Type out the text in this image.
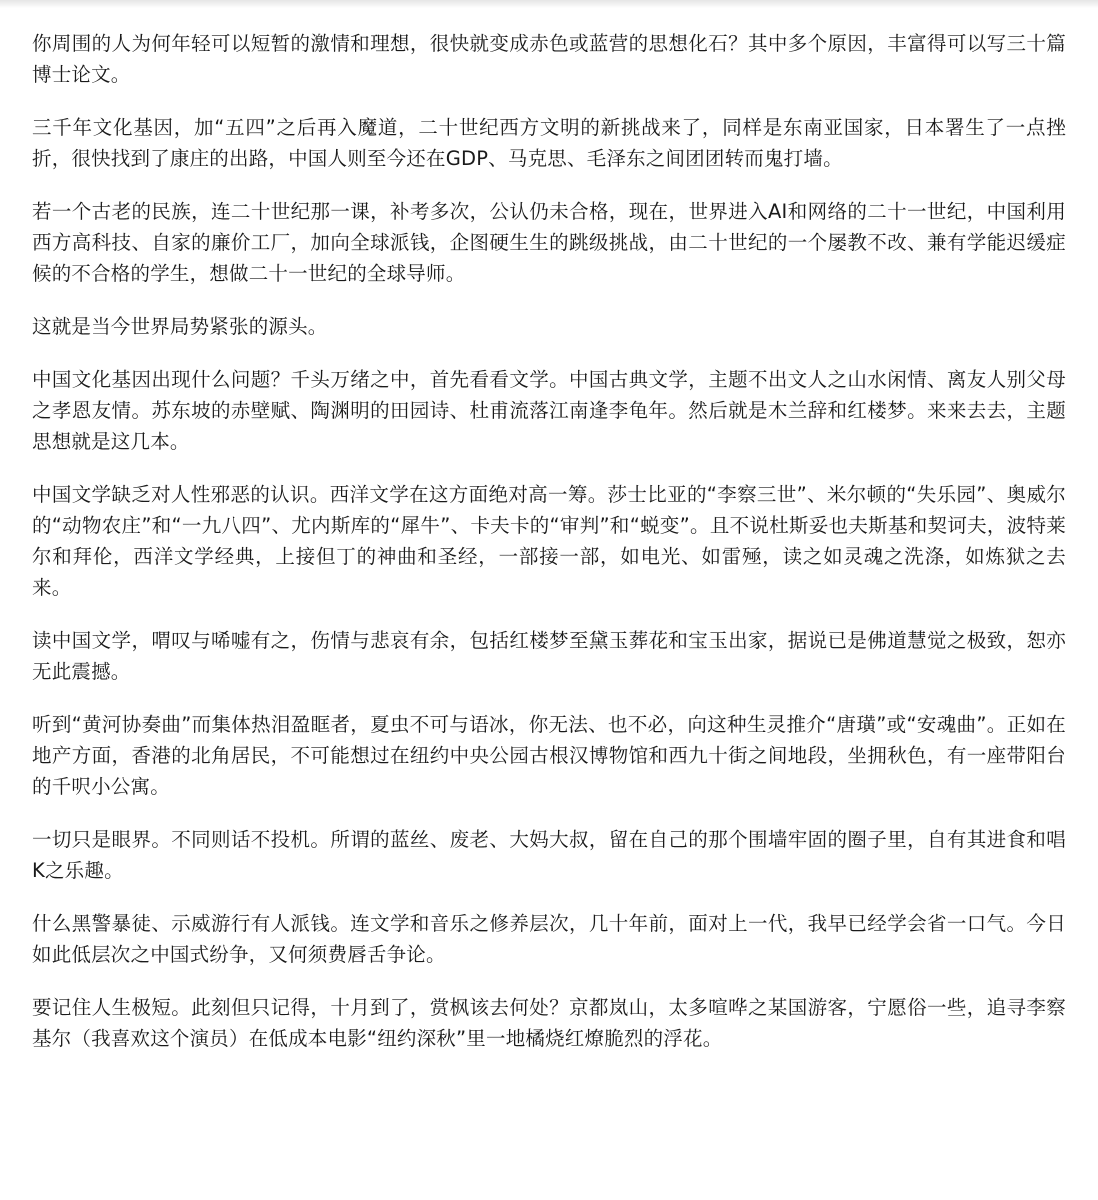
你周围的人为何年轻可以短暂的激情和理想，很快就变成赤色或蓝营的思想化石？其中多个原因，丰富得可以写三十篇博士论文。

三千年文化基因，加“五四”之后再入魔道，二十世纪西方文明的新挑战来了，同样是东南亚国家，日本署生了一点挫折，很快找到了康庄的出路，中国人则至今还在GDP、马克思、毛泽东之间团团转而鬼打墙。

若一个古老的民族，连二十世纪那一课，补考多次，公认仍未合格，现在，世界进入AI和网络的二十一世纪，中国利用西方高科技、自家的廉价工厂，加向全球派钱，企图硬生生的跳级挑战，由二十世纪的一个屡教不改、兼有学能迟缓症候的不合格的学生，想做二十一世纪的全球导师。

这就是当今世界局势紧张的源头。

中国文化基因出现什么问题？千头万绪之中，首先看看文学。中国古典文学，主题不出文人之山水闲情、离友人别父母之孝恩友情。苏东坡的赤壁赋、陶渊明的田园诗、杜甫流落江南逢李龟年。然后就是木兰辞和红楼梦。来来去去，主题思想就是这几本。

中国文学缺乏对人性邪恶的认识。西洋文学在这方面绝对高一筹。莎士比亚的“李察三世”、米尔顿的“失乐园”、奥威尔的“动物农庄”和“一九八四”、尤内斯库的“犀牛”、卡夫卡的“审判”和“蜕变”。且不说杜斯妥也夫斯基和契诃夫，波特莱尔和拜伦，西洋文学经典，上接但丁的神曲和圣经，一部接一部，如电光、如雷殛，读之如灵魂之洗涤，如炼狱之去来。

读中国文学，喟叹与唏嘘有之，伤情与悲哀有余，包括红楼梦至黛玉葬花和宝玉出家，据说已是佛道慧觉之极致，恕亦无此震撼。

听到“黄河协奏曲”而集体热泪盈眶者，夏虫不可与语冰，你无法、也不必，向这种生灵推介“唐璜”或“安魂曲”。正如在地产方面，香港的北角居民，不可能想过在纽约中央公园古根汉博物馆和西九十街之间地段，坐拥秋色，有一座带阳台的千呎小公寓。

一切只是眼界。不同则话不投机。所谓的蓝丝、废老、大妈大叔，留在自己的那个围墙牢固的圈子里，自有其进食和唱K之乐趣。

什么黑警暴徒、示威游行有人派钱。连文学和音乐之修养层次，几十年前，面对上一代，我早已经学会省一口气。今日如此低层次之中国式纷争，又何须费唇舌争论。

要记住人生极短。此刻但只记得，十月到了，赏枫该去何处？京都岚山，太多喧哗之某国游客，宁愿俗一些，追寻李察基尔（我喜欢这个演员）在低成本电影“纽约深秋”里一地橘烧红燎脆烈的浮花。
